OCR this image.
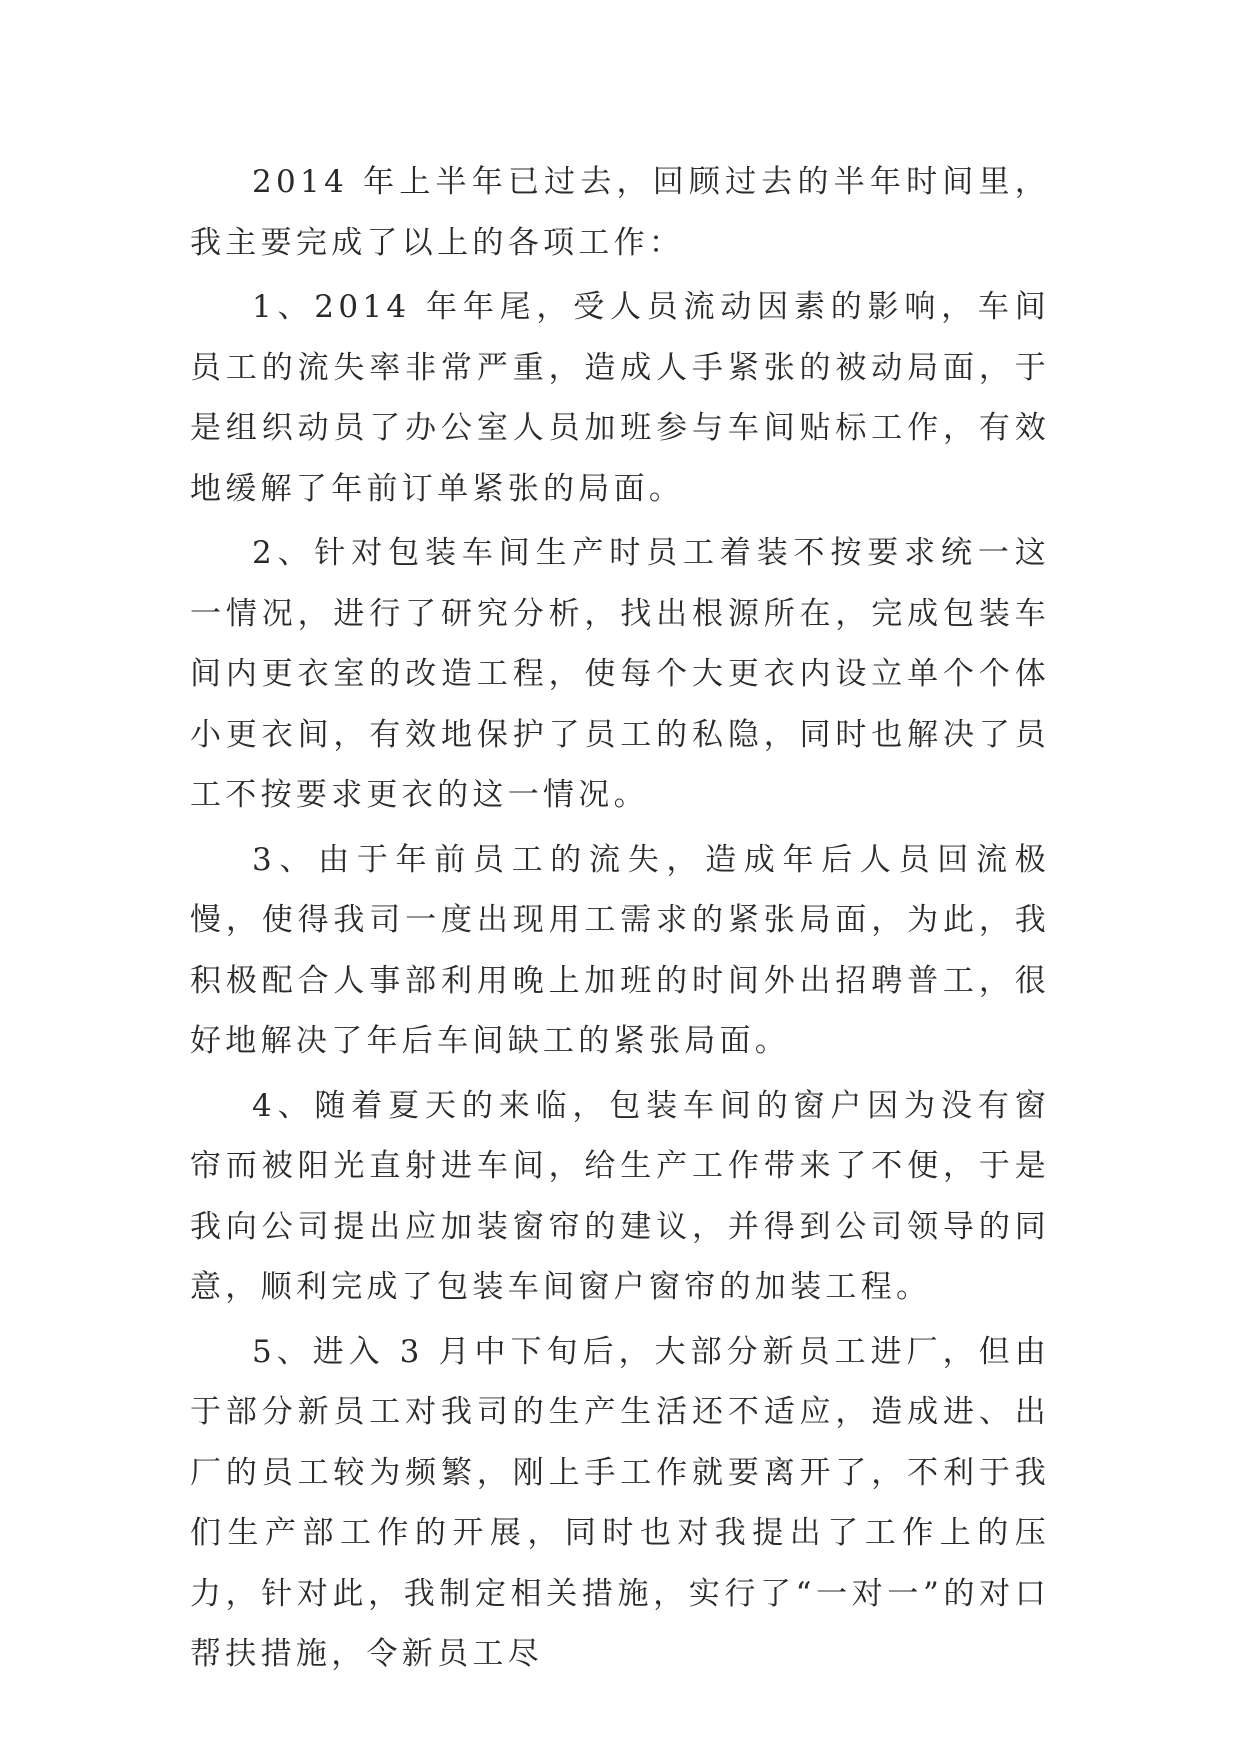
2014 年上半年已过去，回顾过去的半年时间里，我主要完成了以上的各项工作：

1、2014 年年尾，受人员流动因素的影响，车间员工的流失率非常严重，造成人手紧张的被动局面，于是组织动员了办公室人员加班参与车间贴标工作，有效地缓解了年前订单紧张的局面。

2、针对包装车间生产时员工着装不按要求统一这一情况，进行了研究分析，找出根源所在，完成包装车间内更衣室的改造工程，使每个大更衣内设立单个个体小更衣间，有效地保护了员工的私隐，同时也解决了员工不按要求更衣的这一情况。

3、由于年前员工的流失，造成年后人员回流极慢，使得我司一度出现用工需求的紧张局面，为此，我积极配合人事部利用晚上加班的时间外出招聘普工，很好地解决了年后车间缺工的紧张局面。

4、随着夏天的来临，包装车间的窗户因为没有窗帘而被阳光直射进车间，给生产工作带来了不便，于是我向公司提出应加装窗帘的建议，并得到公司领导的同意，顺利完成了包装车间窗户窗帘的加装工程。

5、进入 3 月中下旬后，大部分新员工进厂，但由于部分新员工对我司的生产生活还不适应，造成进、出厂的员工较为频繁，刚上手工作就要离开了，不利于我们生产部工作的开展，同时也对我提出了工作上的压力，针对此，我制定相关措施，实行了“一对一”的对口帮扶措施，令新员工尽
